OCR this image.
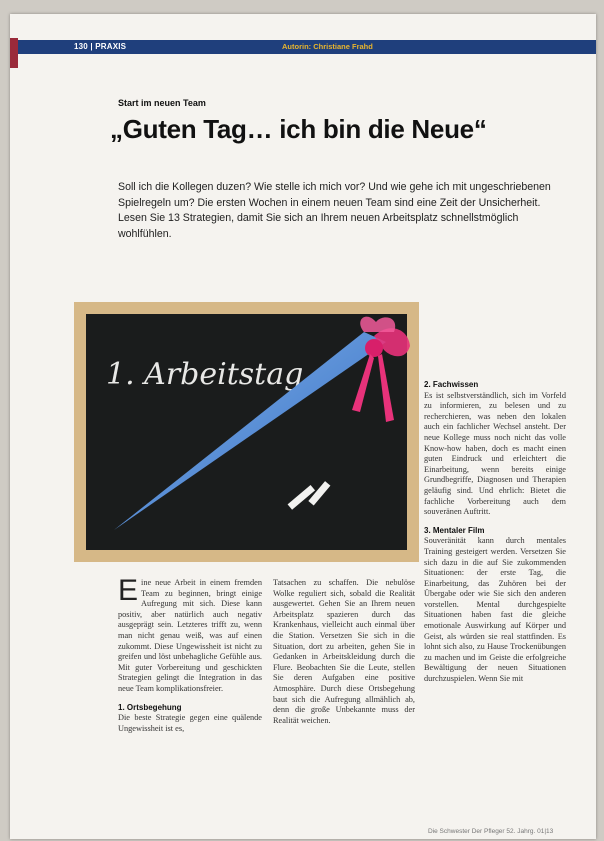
130 | PRAXIS	Autorin: Christiane Frahd
Start im neuen Team
„Guten Tag… ich bin die Neue“
Soll ich die Kollegen duzen? Wie stelle ich mich vor? Und wie gehe ich mit ungeschriebenen Spielregeln um? Die ersten Wochen in einem neuen Team sind eine Zeit der Unsicherheit. Lesen Sie 13 Strategien, damit Sie sich an Ihrem neuen Arbeitsplatz schnellstmöglich wohlfühlen.
1. Arbeitstag

Eine neue Arbeit in einem fremden Team zu beginnen, bringt einige Aufregung mit sich. Diese kann positiv, aber natürlich auch negativ ausgeprägt sein. Letzteres trifft zu, wenn man nicht genau weiß, was auf einen zukommt. Diese Ungewissheit ist nicht zu greifen und löst unbehagliche Gefühle aus. Mit guter Vorbereitung und geschickten Strategien gelingt die Integration in das neue Team komplikationsfreier.

1. Ortsbegehung

Die beste Strategie gegen eine quälende Ungewissheit ist es,

Tatsachen zu schaffen. Die nebulöse Wolke reguliert sich, sobald die Realität ausgewertet. Gehen Sie an Ihrem neuen Arbeitsplatz spazieren durch das Krankenhaus, vielleicht auch einmal über die Station. Versetzen Sie sich in die Situation, dort zu arbeiten, gehen Sie in Gedanken in Arbeitskleidung durch die Flure. Beobachten Sie die Leute, stellen Sie deren Aufgaben eine positive Atmosphäre. Durch diese Ortsbegehung baut sich die Aufregung allmählich ab, denn die große Unbekannte muss der Realität weichen.

2. Fachwissen

Es ist selbstverständlich, sich im Vorfeld zu informieren, zu belesen und zu recherchieren, was neben den lokalen auch ein fachlicher Wechsel ansteht. Der neue Kollege muss noch nicht das volle Know-how haben, doch es macht einen guten Eindruck und erleichtert die Einarbeitung, wenn bereits einige Grundbegriffe, Diagnosen und Therapien geläufig sind. Und ehrlich: Bietet die fachliche Vorbereitung auch dem souveränen Auftritt.

3. Mentaler Film

Souveränität kann durch mentales Training gesteigert werden. Versetzen Sie sich dazu in die auf Sie zukommenden Situationen: der erste Tag, die Einarbeitung, das Zuhören bei der Übergabe oder wie Sie sich den anderen vorstellen. Mental durchgespielte Situationen haben fast die gleiche emotionale Auswirkung auf Körper und Geist, als würden sie real stattfinden. Es lohnt sich also, zu Hause Trockenübungen zu machen und im Geiste die erfolgreiche Bewältigung der neuen Situationen durchzuspielen. Wenn Sie mit

Die Schwester Der Pfleger 52. Jahrg. 01|13
